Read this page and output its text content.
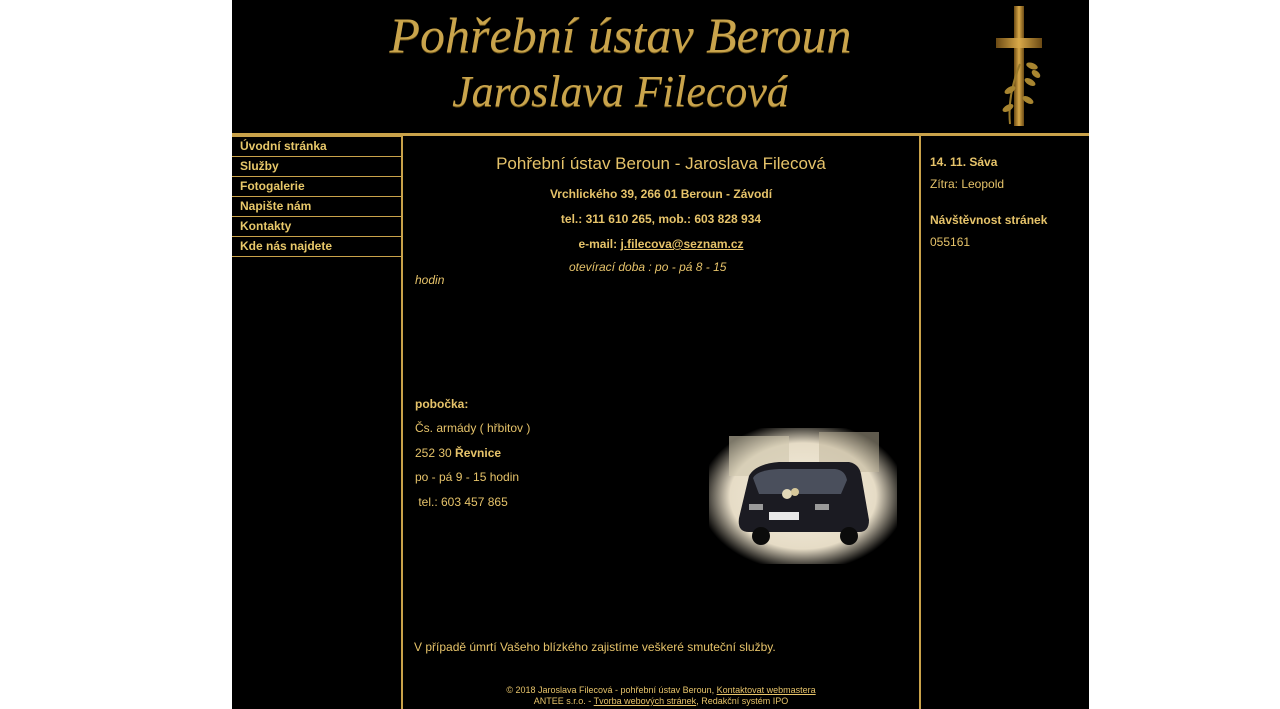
Pohřební ústav Beroun
Jaroslava Filecová
Úvodní stránka
Služby
Fotogalerie
Napište nám
Kontakty
Kde nás najdete
Pohřební ústav Beroun - Jaroslava Filecová
Vrchlického 39, 266 01 Beroun - Závodí
tel.: 311 610 265, mob.: 603 828 934
e-mail: j.filecova@seznam.cz
otevírací doba : po - pá 8 - 15
hodin
pobočka:
Čs. armády ( hřbitov )
252 30 Řevnice
po - pá 9 - 15 hodin
tel.: 603 457 865
V případě úmrtí Vašeho blízkého zajistíme veškeré smuteční služby.
© 2018 Jaroslava Filecová - pohřební ústav Beroun, Kontaktovat webmastera
ANTEE s.r.o. - Tvorba webových stránek, Redakční systém IPO
14. 11. Sáva
Zítra: Leopold
Návštěvnost stránek
055161
